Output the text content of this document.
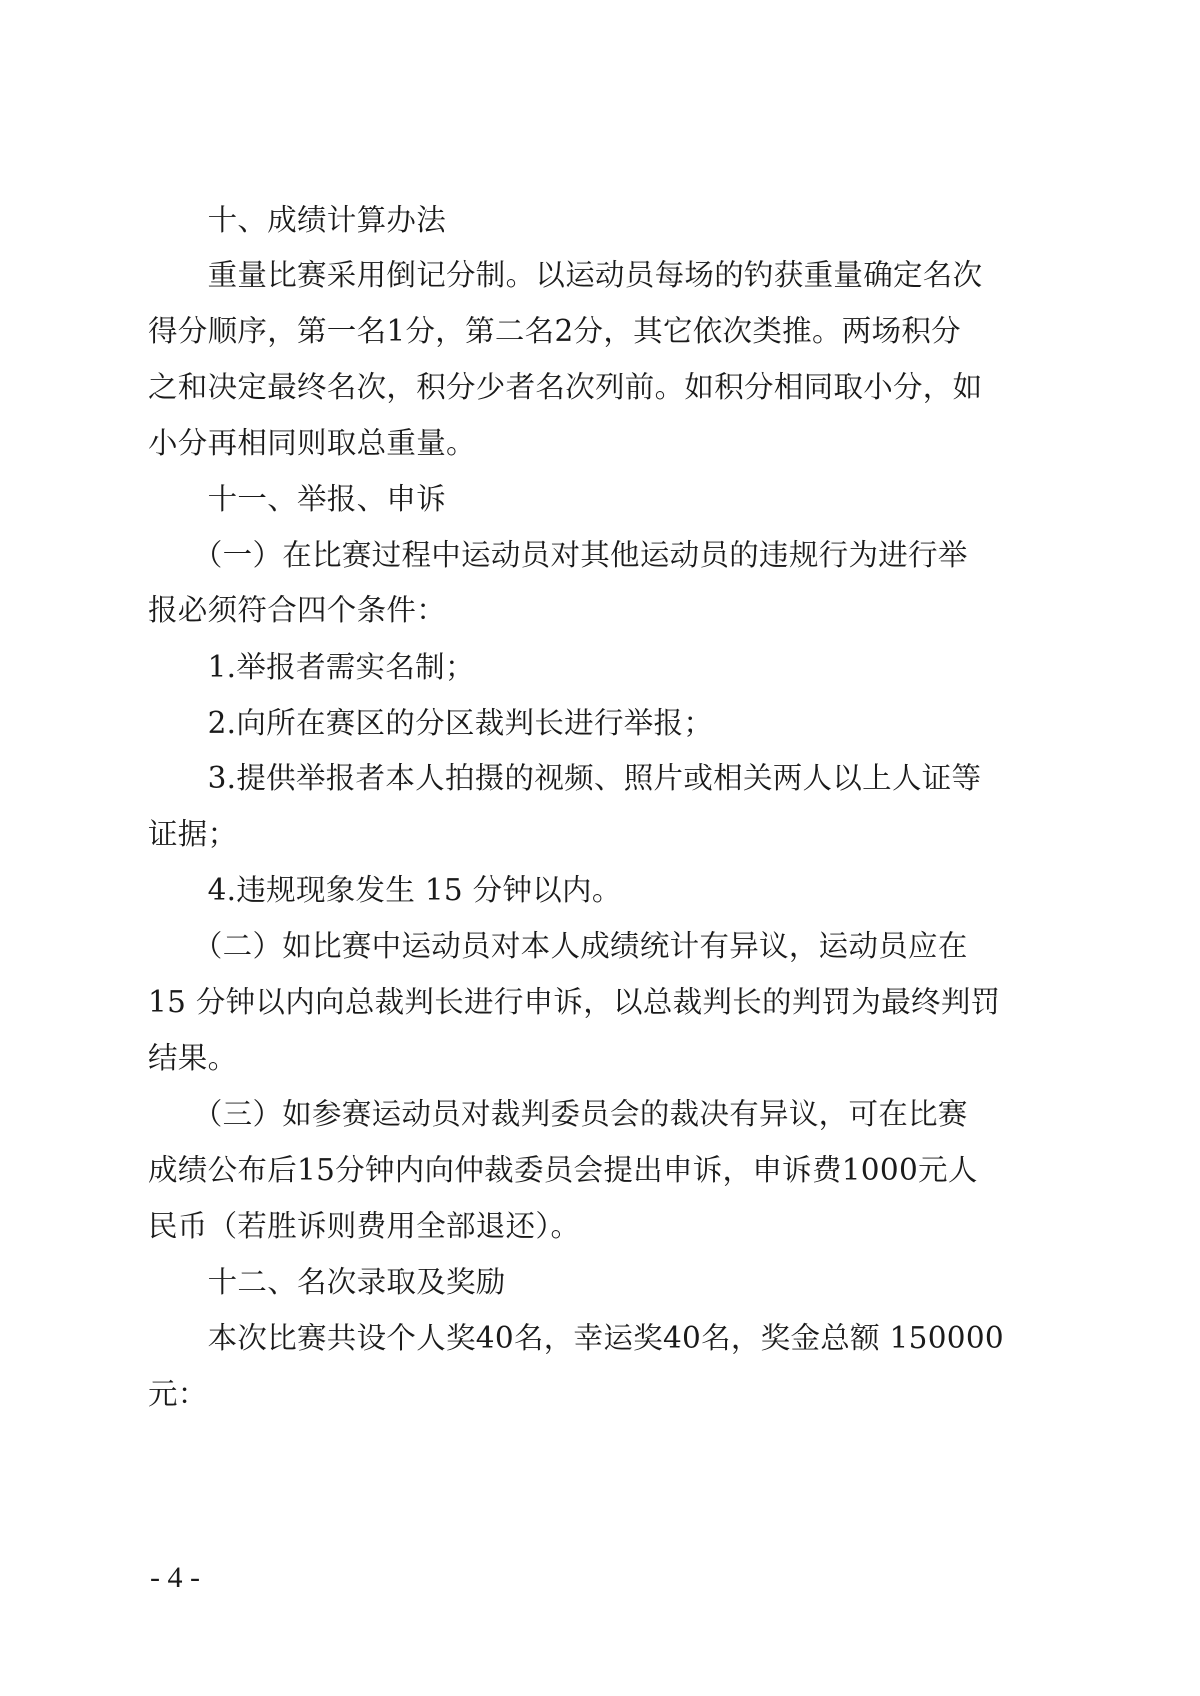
　　十、成绩计算办法
　　重量比赛采用倒记分制。以运动员每场的钓获重量确定名次
得分顺序，第一名1分，第二名2分，其它依次类推。两场积分
之和决定最终名次，积分少者名次列前。如积分相同取小分，如
小分再相同则取总重量。
　　十一、举报、申诉
　　（一）在比赛过程中运动员对其他运动员的违规行为进行举
报必须符合四个条件：
　　1.举报者需实名制；
　　2.向所在赛区的分区裁判长进行举报；
　　3.提供举报者本人拍摄的视频、照片或相关两人以上人证等
证据；
　　4.违规现象发生 15 分钟以内。
　　（二）如比赛中运动员对本人成绩统计有异议，运动员应在
15 分钟以内向总裁判长进行申诉，以总裁判长的判罚为最终判罚
结果。
　　（三）如参赛运动员对裁判委员会的裁决有异议，可在比赛
成绩公布后15分钟内向仲裁委员会提出申诉，申诉费1000元人
民币（若胜诉则费用全部退还）。
　　十二、名次录取及奖励
　　本次比赛共设个人奖40名，幸运奖40名，奖金总额 150000
元：
- 4 -
